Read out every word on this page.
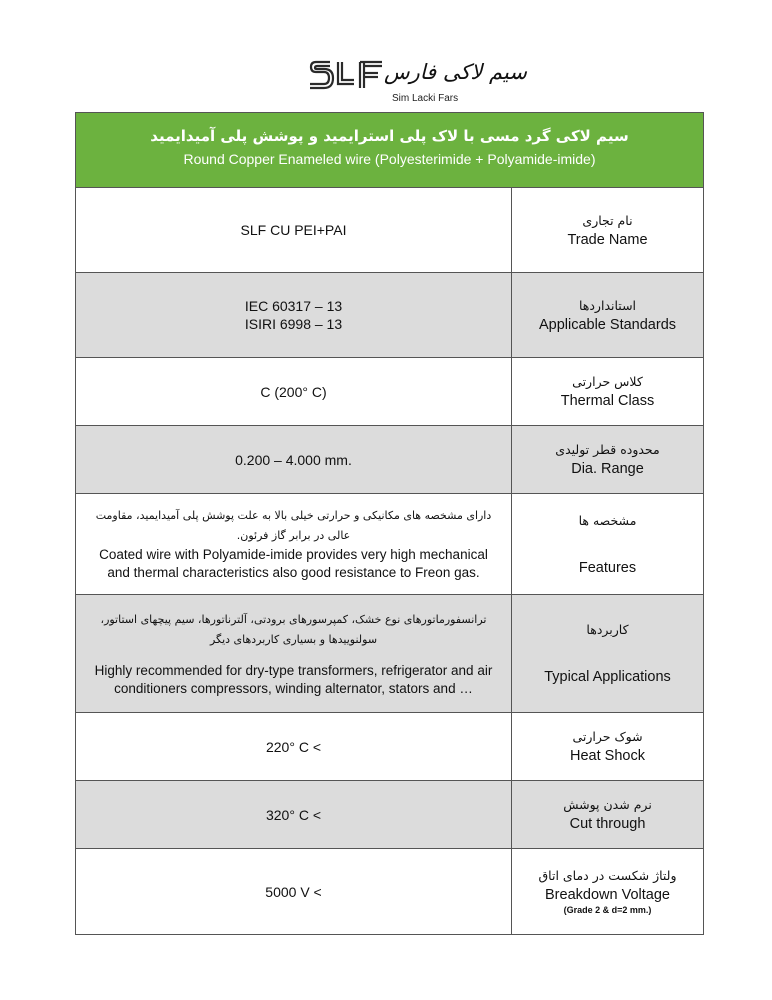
سیم لاکی فارس
Sim Lacki Fars
سیم لاکی گرد مسی با لاک پلی استرایمید و پوشش پلی آمیدایمید
Round Copper Enameled wire (Polyesterimide + Polyamide-imide)
SLF CU PEI+PAI
نام تجاری
Trade Name
IEC 60317 – 13
ISIRI 6998 – 13
استانداردها
Applicable Standards
C (200° C)
کلاس حرارتی
Thermal Class
0.200 – 4.000 mm.
محدوده قطر تولیدی
Dia. Range
دارای مشخصه های مکانیکی و حرارتی خیلی بالا به علت پوشش پلی آمیدایمید، مقاومت عالی در برابر گاز فرئون.
Coated wire with Polyamide-imide provides very high mechanical and thermal characteristics also good resistance to Freon gas.
مشخصه ها
Features
ترانسفورماتورهای نوع خشک، کمپرسورهای برودتی، آلترناتورها، سیم پیچهای استاتور، سولنوییدها و بسیاری کاربردهای دیگر
Highly recommended for dry-type transformers, refrigerator and air conditioners compressors, winding alternator, stators and …
کاربردها
Typical Applications
220° C <
شوک حرارتی
Heat Shock
320° C <
نرم شدن پوشش
Cut through
5000 V <
ولتاژ شکست در دمای اتاق
Breakdown Voltage
(Grade 2 & d=2 mm.)
